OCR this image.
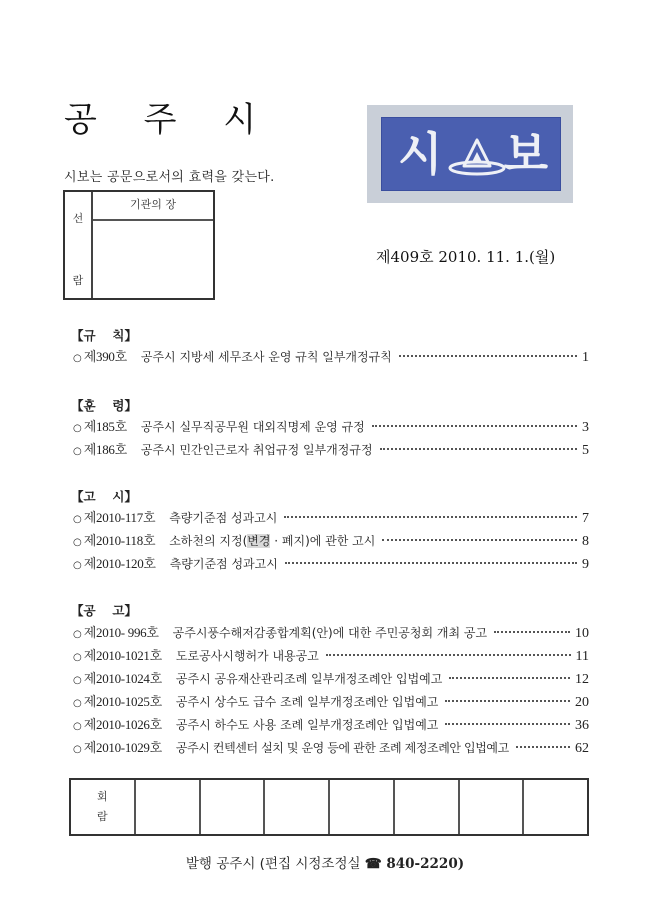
공 주 시
시보는 공문으로서의 효력을 갖는다.
선
람
기관의 장
시 보
제409호 2010. 11. 1.(월)
【규　 칙】
○ 제390호 공주시 지방세 세무조사 운영 규칙 일부개정규칙	1
【훈　 령】
○ 제185호 공주시 실무직공무원 대외직명제 운영 규정	3
○ 제186호 공주시 민간인근로자 취업규정 일부개정규정	5
【고　 시】
○ 제2010-117호 측량기준점 성과고시	7
○ 제2010-118호 소하천의 지정(변경 · 폐지)에 관한 고시	8
○ 제2010-120호 측량기준점 성과고시	9
【공　 고】
○ 제2010- 996호 공주시풍수해저감종합계획(안)에 대한 주민공청회 개최 공고	10
○ 제2010-1021호 도로공사시행허가 내용공고	11
○ 제2010-1024호 공주시 공유재산관리조례 일부개정조례안 입법예고	12
○ 제2010-1025호 공주시 상수도 급수 조례 일부개정조례안 입법예고	20
○ 제2010-1026호 공주시 하수도 사용 조례 일부개정조례안 입법예고	36
○ 제2010-1029호 공주시 컨텍센터 설치 및 운영 등에 관한 조례 제정조례안 입법예고	62
회
람
발행 공주시 (편집 시정조정실 ☎ 840-2220)
